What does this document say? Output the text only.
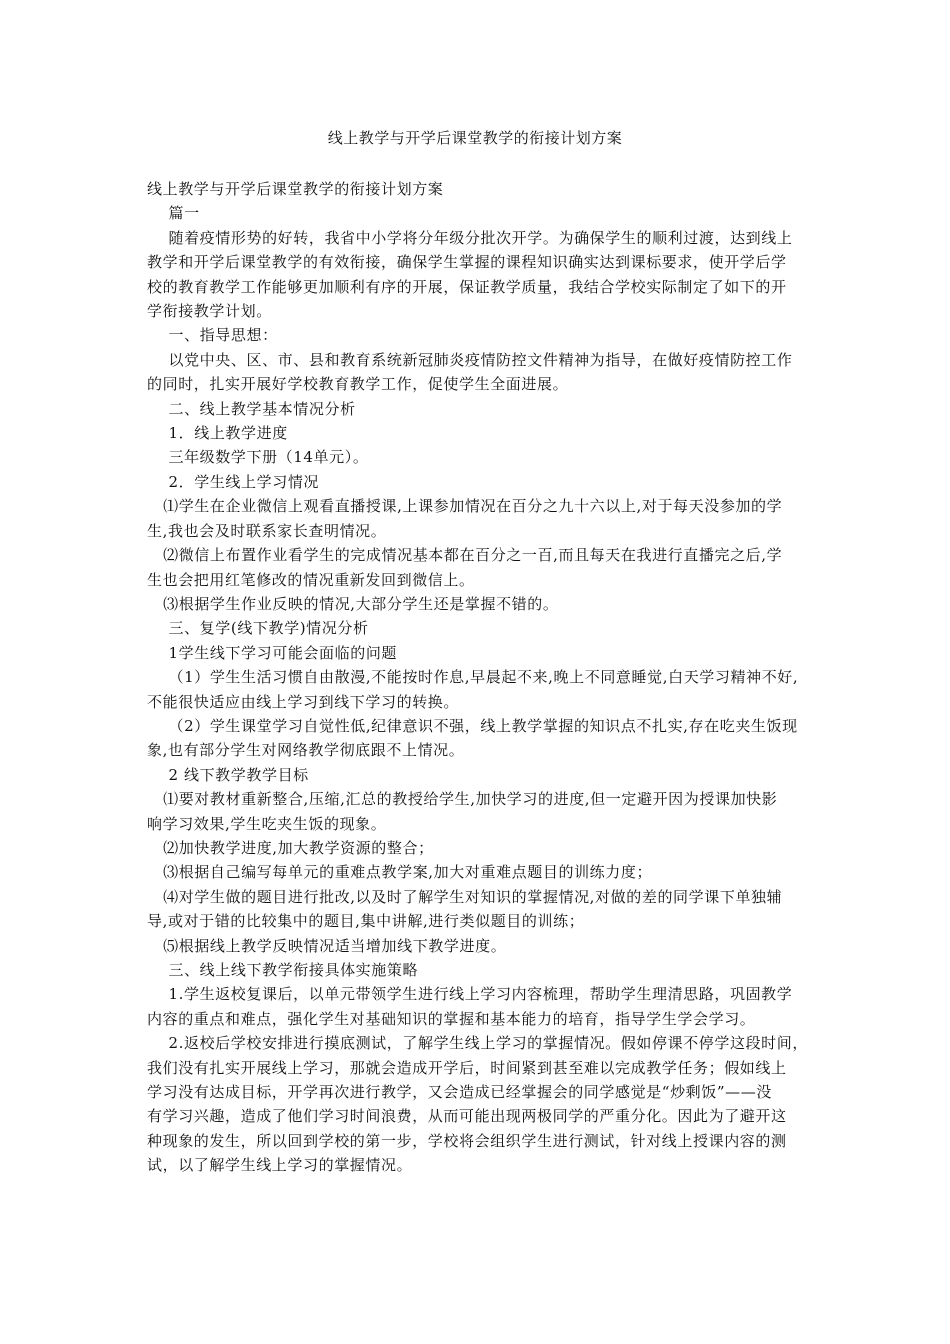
线上教学与开学后课堂教学的衔接计划方案

线上教学与开学后课堂教学的衔接计划方案

篇一

随着疫情形势的好转，我省中小学将分年级分批次开学。为确保学生的顺利过渡，达到线上

教学和开学后课堂教学的有效衔接，确保学生掌握的课程知识确实达到课标要求，使开学后学

校的教育教学工作能够更加顺利有序的开展，保证教学质量，我结合学校实际制定了如下的开

学衔接教学计划。

一、指导思想：

以党中央、区、市、县和教育系统新冠肺炎疫情防控文件精神为指导，在做好疫情防控工作

的同时，扎实开展好学校教育教学工作，促使学生全面进展。

二、线上教学基本情况分析

1．线上教学进度

三年级数学下册（14单元）。

2．学生线上学习情况

⑴学生在企业微信上观看直播授课,上课参加情况在百分之九十六以上,对于每天没参加的学

生,我也会及时联系家长查明情况。

⑵微信上布置作业看学生的完成情况基本都在百分之一百,而且每天在我进行直播完之后,学

生也会把用红笔修改的情况重新发回到微信上。

⑶根据学生作业反映的情况,大部分学生还是掌握不错的。

三、复学(线下教学)情况分析

1学生线下学习可能会面临的问题

（1）学生生活习惯自由散漫,不能按时作息,早晨起不来,晚上不同意睡觉,白天学习精神不好,

不能很快适应由线上学习到线下学习的转换。

（2）学生课堂学习自觉性低,纪律意识不强，线上教学掌握的知识点不扎实,存在吃夹生饭现

象,也有部分学生对网络教学彻底跟不上情况。

2 线下教学教学目标

⑴要对教材重新整合,压缩,汇总的教授给学生,加快学习的进度,但一定避开因为授课加快影

响学习效果,学生吃夹生饭的现象。

⑵加快教学进度,加大教学资源的整合；

⑶根据自己编写每单元的重难点教学案,加大对重难点题目的训练力度；

⑷对学生做的题目进行批改,以及时了解学生对知识的掌握情况,对做的差的同学课下单独辅

导,或对于错的比较集中的题目,集中讲解,进行类似题目的训练；

⑸根据线上教学反映情况适当增加线下教学进度。

三、线上线下教学衔接具体实施策略

1.学生返校复课后，以单元带领学生进行线上学习内容梳理，帮助学生理清思路，巩固教学

内容的重点和难点，强化学生对基础知识的掌握和基本能力的培育，指导学生学会学习。

2.返校后学校安排进行摸底测试，了解学生线上学习的掌握情况。假如停课不停学这段时间，

我们没有扎实开展线上学习，那就会造成开学后，时间紧到甚至难以完成教学任务；假如线上

学习没有达成目标，开学再次进行教学，又会造成已经掌握会的同学感觉是“炒剩饭”——没

有学习兴趣，造成了他们学习时间浪费，从而可能出现两极同学的严重分化。因此为了避开这

种现象的发生，所以回到学校的第一步，学校将会组织学生进行测试，针对线上授课内容的测

试，以了解学生线上学习的掌握情况。
